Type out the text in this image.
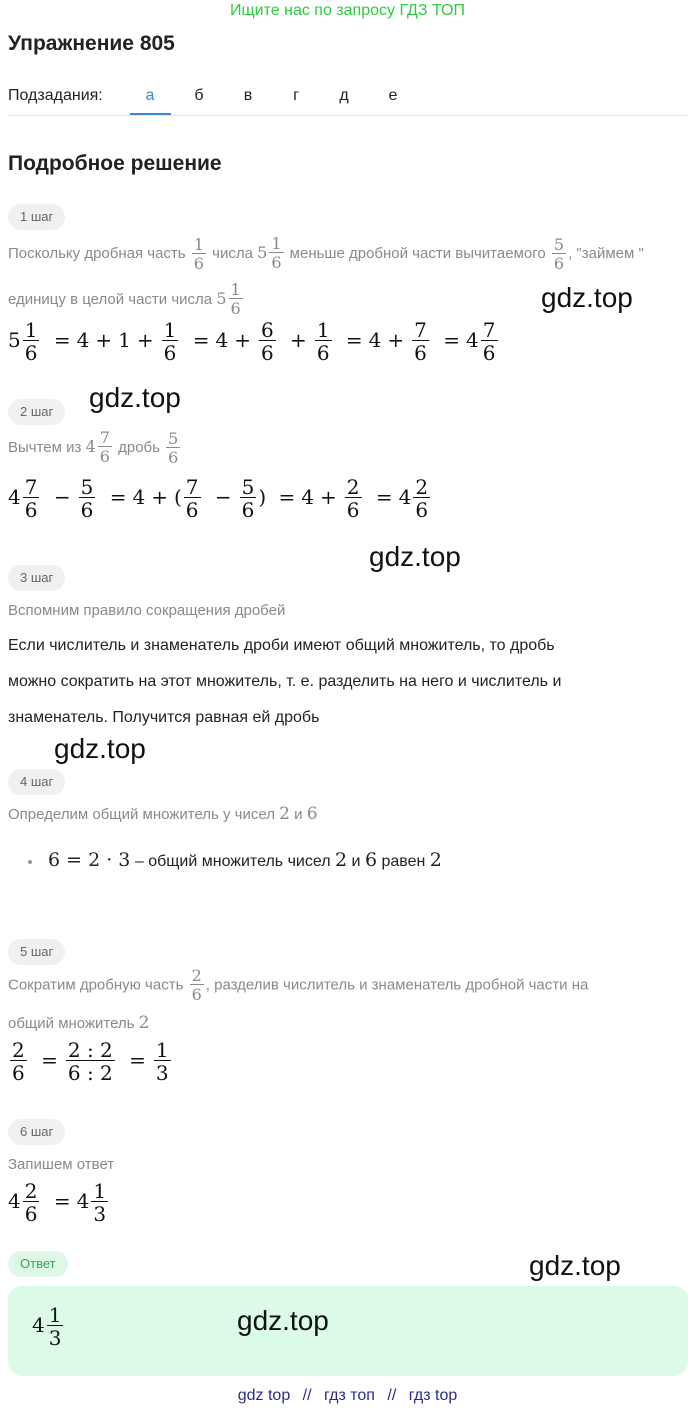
Ищите нас по запросу ГДЗ ТОП
Упражнение 805
Подзадания:	а	б	в	г	д	е
Подробное решение
1 шаг
Поскольку дробная часть $\frac{1}{6}$ числа $5 \frac{1}{6}$ меньше дробной части вычитаемого $\frac{5}{6}$ , "займем "
единицу в целой части числа $5 \frac{1}{6}$	gdz.top
$5 \frac{1}{6} = 4 + 1 + \frac{1}{6} = 4 + \frac{6}{6} + \frac{1}{6} = 4 + \frac{7}{6} = 4 \frac{7}{6}$
2 шаг	gdz.top
Вычтем из $4 \frac{7}{6}$ дробь $\frac{5}{6}$
$4 \frac{7}{6} - \frac{5}{6} = 4$ + ( $\frac{7}{6} - \frac{5}{6}$ ) = $4 + \frac{2}{6} = 4 \frac{2}{6}$
gdz.top
3 шаг
Вспомним правило сокращения дробей
Если числитель и знаменатель дроби имеют общий множитель, то дробь
можно сократить на этот множитель, т. е. разделить на него и числитель и
знаменатель. Получится равная ей дробь
gdz.top
4 шаг
Определим общий множитель у чисел 2 и 6
6 = 2 · 3 – общий множитель чисел 2 и 6 равен 2
5 шаг
Сократим дробную часть $\frac{2}{6}$ , разделив числитель и знаменатель дробной части на
общий множитель 2
$\frac{2}{6} = \frac{2 : 2}{6 : 2} = \frac{1}{3}$
6 шаг
Запишем ответ
$4 \frac{2}{6} = 4 \frac{1}{3}$
Ответ	gdz.top
$4 \frac{1}{3}$	gdz.top
gdz top // гдз топ // гдз top
